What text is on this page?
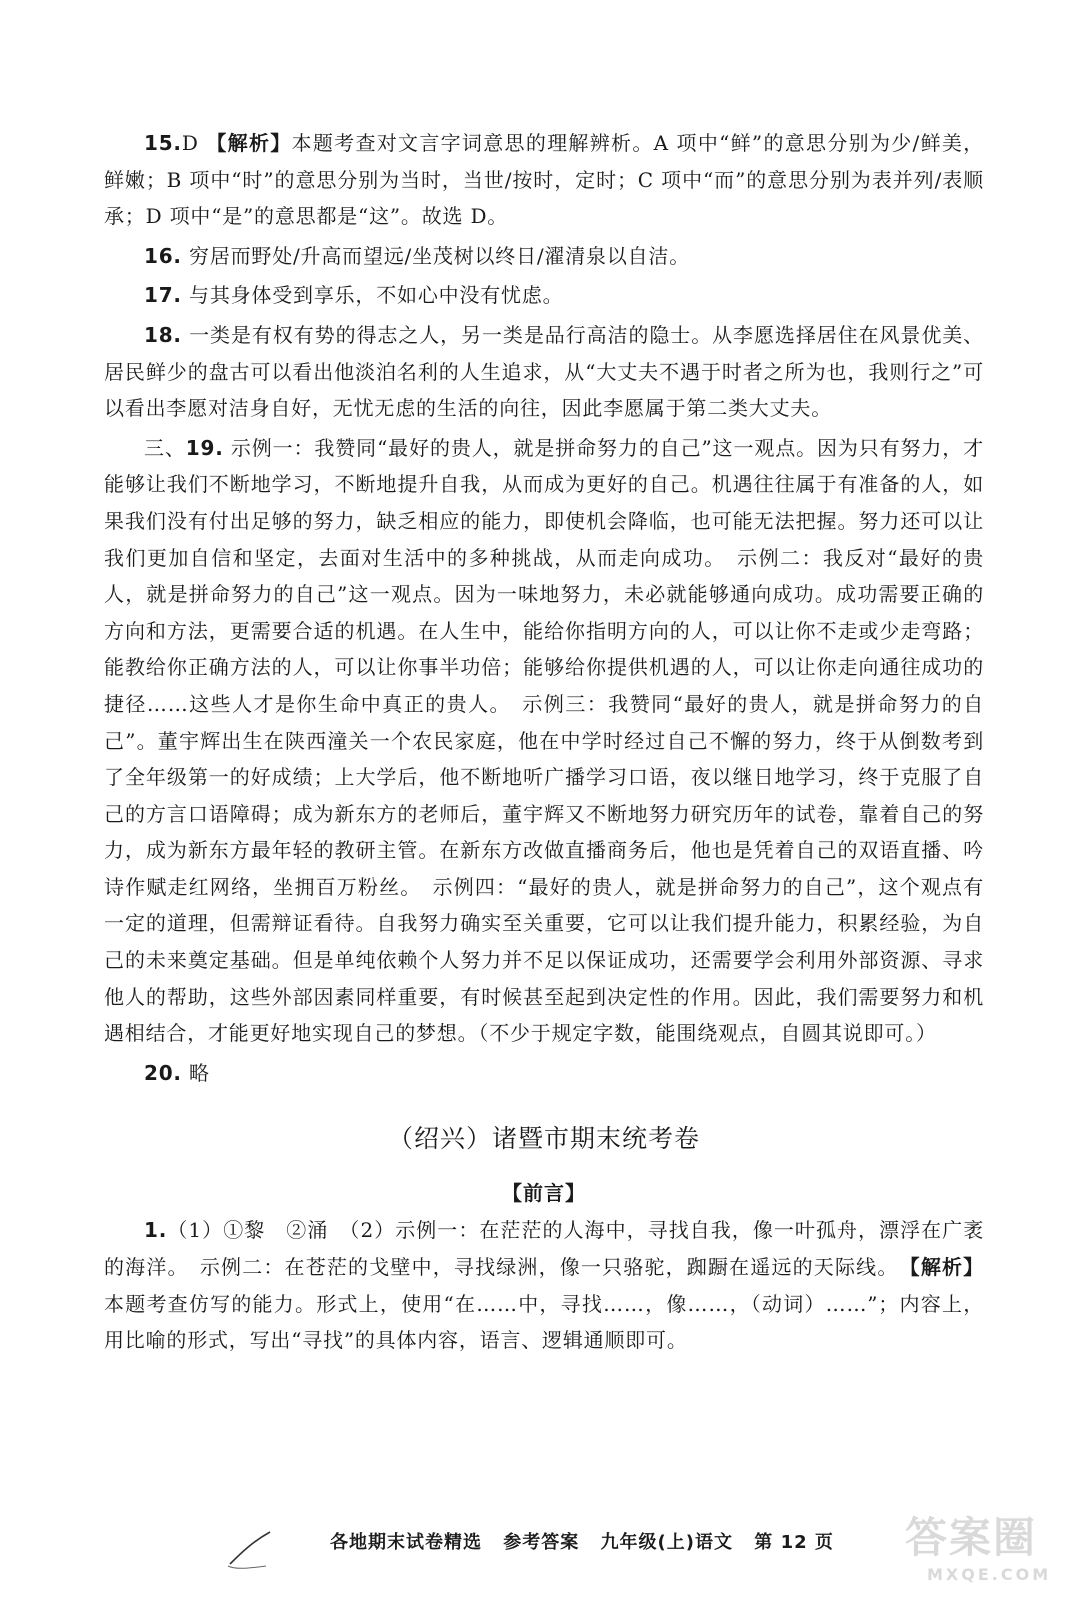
15.D 【解析】本题考查对文言字词意思的理解辨析。A 项中“鲜”的意思分别为少/鲜美，鲜嫩；B 项中“时”的意思分别为当时，当世/按时，定时；C 项中“而”的意思分别为表并列/表顺承；D 项中“是”的意思都是“这”。故选 D。

16. 穷居而野处/升高而望远/坐茂树以终日/濯清泉以自洁。

17. 与其身体受到享乐，不如心中没有忧虑。

18. 一类是有权有势的得志之人，另一类是品行高洁的隐士。从李愿选择居住在风景优美、居民鲜少的盘古可以看出他淡泊名利的人生追求，从“大丈夫不遇于时者之所为也，我则行之”可以看出李愿对洁身自好，无忧无虑的生活的向往，因此李愿属于第二类大丈夫。

三、19. 示例一：我赞同“最好的贵人，就是拼命努力的自己”这一观点。因为只有努力，才能够让我们不断地学习，不断地提升自我，从而成为更好的自己。机遇往往属于有准备的人，如果我们没有付出足够的努力，缺乏相应的能力，即使机会降临，也可能无法把握。努力还可以让我们更加自信和坚定，去面对生活中的多种挑战，从而走向成功。　示例二：我反对“最好的贵人，就是拼命努力的自己”这一观点。因为一味地努力，未必就能够通向成功。成功需要正确的方向和方法，更需要合适的机遇。在人生中，能给你指明方向的人，可以让你不走或少走弯路；能教给你正确方法的人，可以让你事半功倍；能够给你提供机遇的人，可以让你走向通往成功的捷径……这些人才是你生命中真正的贵人。　示例三：我赞同“最好的贵人，就是拼命努力的自己”。董宇辉出生在陕西潼关一个农民家庭，他在中学时经过自己不懈的努力，终于从倒数考到了全年级第一的好成绩；上大学后，他不断地听广播学习口语，夜以继日地学习，终于克服了自己的方言口语障碍；成为新东方的老师后，董宇辉又不断地努力研究历年的试卷，靠着自己的努力，成为新东方最年轻的教研主管。在新东方改做直播商务后，他也是凭着自己的双语直播、吟诗作赋走红网络，坐拥百万粉丝。　示例四：“最好的贵人，就是拼命努力的自己”，这个观点有一定的道理，但需辩证看待。自我努力确实至关重要，它可以让我们提升能力，积累经验，为自己的未来奠定基础。但是单纯依赖个人努力并不足以保证成功，还需要学会利用外部资源、寻求他人的帮助，这些外部因素同样重要，有时候甚至起到决定性的作用。因此，我们需要努力和机遇相结合，才能更好地实现自己的梦想。（不少于规定字数，能围绕观点，自圆其说即可。）

20. 略

（绍兴）诸暨市期末统考卷
【前言】

1.（1）①黎　②涌　（2）示例一：在茫茫的人海中，寻找自我，像一叶孤舟，漂浮在广袤的海洋。　示例二：在苍茫的戈壁中，寻找绿洲，像一只骆驼，踟蹰在遥远的天际线。　 【解析】本题考查仿写的能力。形式上，使用“在……中，寻找……，像……，（动词）……”；内容上，用比喻的形式，写出“寻找”的具体内容，语言、逻辑通顺即可。

各地期末试卷精选 参考答案 九年级(上)语文 第 12 页 答案圈
MXQE.COM
